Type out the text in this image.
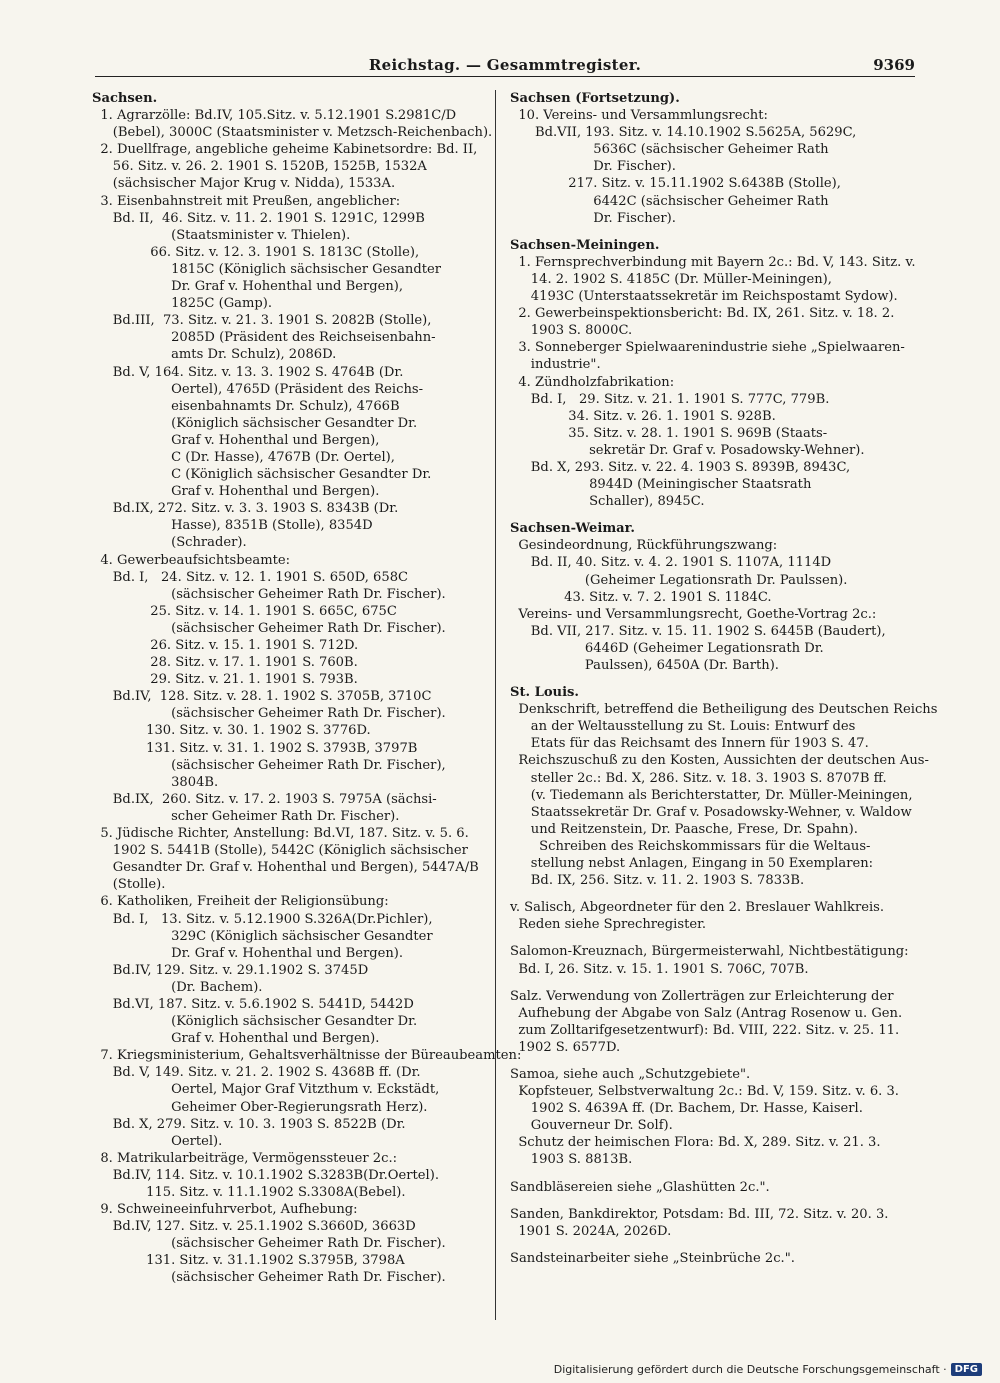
Reichstag. — Gesammtregister.	9369
Sachsen.
1. Agrarzölle: Bd.IV, 105.Sitz. v. 5.12.1901 S.2981C/D
(Bebel), 3000C (Staatsminister v. Metzsch-Reichenbach).
2. Duellfrage, angebliche geheime Kabinetsordre: Bd. II,
56. Sitz. v. 26. 2. 1901 S. 1520B, 1525B, 1532A
(sächsischer Major Krug v. Nidda), 1533A.
3. Eisenbahnstreit mit Preußen, angeblicher:
Bd. II,  46. Sitz. v. 11. 2. 1901 S. 1291C, 1299B
(Staatsminister v. Thielen).
66. Sitz. v. 12. 3. 1901 S. 1813C (Stolle),
1815C (Königlich sächsischer Gesandter
Dr. Graf v. Hohenthal und Bergen),
1825C (Gamp).
Bd.III,  73. Sitz. v. 21. 3. 1901 S. 2082B (Stolle),
2085D (Präsident des Reichseisenbahn-
amts Dr. Schulz), 2086D.
Bd. V, 164. Sitz. v. 13. 3. 1902 S. 4764B (Dr.
Oertel), 4765D (Präsident des Reichs-
eisenbahnamts Dr. Schulz), 4766B
(Königlich sächsischer Gesandter Dr.
Graf v. Hohenthal und Bergen),
C (Dr. Hasse), 4767B (Dr. Oertel),
C (Königlich sächsischer Gesandter Dr.
Graf v. Hohenthal und Bergen).
Bd.IX, 272. Sitz. v. 3. 3. 1903 S. 8343B (Dr.
Hasse), 8351B (Stolle), 8354D
(Schrader).
4. Gewerbeaufsichtsbeamte:
Bd. I,   24. Sitz. v. 12. 1. 1901 S. 650D, 658C
(sächsischer Geheimer Rath Dr. Fischer).
25. Sitz. v. 14. 1. 1901 S. 665C, 675C
(sächsischer Geheimer Rath Dr. Fischer).
26. Sitz. v. 15. 1. 1901 S. 712D.
28. Sitz. v. 17. 1. 1901 S. 760B.
29. Sitz. v. 21. 1. 1901 S. 793B.
Bd.IV,  128. Sitz. v. 28. 1. 1902 S. 3705B, 3710C
(sächsischer Geheimer Rath Dr. Fischer).
130. Sitz. v. 30. 1. 1902 S. 3776D.
131. Sitz. v. 31. 1. 1902 S. 3793B, 3797B
(sächsischer Geheimer Rath Dr. Fischer),
3804B.
Bd.IX,  260. Sitz. v. 17. 2. 1903 S. 7975A (sächsi-
scher Geheimer Rath Dr. Fischer).
5. Jüdische Richter, Anstellung: Bd.VI, 187. Sitz. v. 5. 6.
1902 S. 5441B (Stolle), 5442C (Königlich sächsischer
Gesandter Dr. Graf v. Hohenthal und Bergen), 5447A/B
(Stolle).
6. Katholiken, Freiheit der Religionsübung:
Bd. I,   13. Sitz. v. 5.12.1900 S.326A(Dr.Pichler),
329C (Königlich sächsischer Gesandter
Dr. Graf v. Hohenthal und Bergen).
Bd.IV, 129. Sitz. v. 29.1.1902 S. 3745D
(Dr. Bachem).
Bd.VI, 187. Sitz. v. 5.6.1902 S. 5441D, 5442D
(Königlich sächsischer Gesandter Dr.
Graf v. Hohenthal und Bergen).
7. Kriegsministerium, Gehaltsverhältnisse der Büreaubeamten:
Bd. V, 149. Sitz. v. 21. 2. 1902 S. 4368B ff. (Dr.
Oertel, Major Graf Vitzthum v. Eckstädt,
Geheimer Ober-Regierungsrath Herz).
Bd. X, 279. Sitz. v. 10. 3. 1903 S. 8522B (Dr.
Oertel).
8. Matrikularbeiträge, Vermögenssteuer 2c.:
Bd.IV, 114. Sitz. v. 10.1.1902 S.3283B(Dr.Oertel).
115. Sitz. v. 11.1.1902 S.3308A(Bebel).
9. Schweineeinfuhrverbot, Aufhebung:
Bd.IV, 127. Sitz. v. 25.1.1902 S.3660D, 3663D
(sächsischer Geheimer Rath Dr. Fischer).
131. Sitz. v. 31.1.1902 S.3795B, 3798A
(sächsischer Geheimer Rath Dr. Fischer).
Sachsen (Fortsetzung).
10. Vereins- und Versammlungsrecht:
Bd.VII, 193. Sitz. v. 14.10.1902 S.5625A, 5629C,
5636C (sächsischer Geheimer Rath
Dr. Fischer).
217. Sitz. v. 15.11.1902 S.6438B (Stolle),
6442C (sächsischer Geheimer Rath
Dr. Fischer).
Sachsen-Meiningen.
1. Fernsprechverbindung mit Bayern 2c.: Bd. V, 143. Sitz. v.
14. 2. 1902 S. 4185C (Dr. Müller-Meiningen),
4193C (Unterstaatssekretär im Reichspostamt Sydow).
2. Gewerbeinspektionsbericht: Bd. IX, 261. Sitz. v. 18. 2.
1903 S. 8000C.
3. Sonneberger Spielwaarenindustrie siehe „Spielwaaren-
industrie".
4. Zündholzfabrikation:
Bd. I,   29. Sitz. v. 21. 1. 1901 S. 777C, 779B.
34. Sitz. v. 26. 1. 1901 S. 928B.
35. Sitz. v. 28. 1. 1901 S. 969B (Staats-
sekretär Dr. Graf v. Posadowsky-Wehner).
Bd. X, 293. Sitz. v. 22. 4. 1903 S. 8939B, 8943C,
8944D (Meiningischer Staatsrath
Schaller), 8945C.
Sachsen-Weimar.
Gesindeordnung, Rückführungszwang:
Bd. II, 40. Sitz. v. 4. 2. 1901 S. 1107A, 1114D
(Geheimer Legationsrath Dr. Paulssen).
43. Sitz. v. 7. 2. 1901 S. 1184C.
Vereins- und Versammlungsrecht, Goethe-Vortrag 2c.:
Bd. VII, 217. Sitz. v. 15. 11. 1902 S. 6445B (Baudert),
6446D (Geheimer Legationsrath Dr.
Paulssen), 6450A (Dr. Barth).
St. Louis.
Denkschrift, betreffend die Betheiligung des Deutschen Reichs
an der Weltausstellung zu St. Louis: Entwurf des
Etats für das Reichsamt des Innern für 1903 S. 47.
Reichszuschuß zu den Kosten, Aussichten der deutschen Aus-
steller 2c.: Bd. X, 286. Sitz. v. 18. 3. 1903 S. 8707B ff.
(v. Tiedemann als Berichterstatter, Dr. Müller-Meiningen,
Staatssekretär Dr. Graf v. Posadowsky-Wehner, v. Waldow
und Reitzenstein, Dr. Paasche, Frese, Dr. Spahn).
Schreiben des Reichskommissars für die Weltaus-
stellung nebst Anlagen, Eingang in 50 Exemplaren:
Bd. IX, 256. Sitz. v. 11. 2. 1903 S. 7833B.
v. Salisch, Abgeordneter für den 2. Breslauer Wahlkreis.
Reden siehe Sprechregister.
Salomon-Kreuznach, Bürgermeisterwahl, Nichtbestätigung:
Bd. I, 26. Sitz. v. 15. 1. 1901 S. 706C, 707B.
Salz. Verwendung von Zollerträgen zur Erleichterung der
Aufhebung der Abgabe von Salz (Antrag Rosenow u. Gen.
zum Zolltarifgesetzentwurf): Bd. VIII, 222. Sitz. v. 25. 11.
1902 S. 6577D.
Samoa, siehe auch „Schutzgebiete".
Kopfsteuer, Selbstverwaltung 2c.: Bd. V, 159. Sitz. v. 6. 3.
1902 S. 4639A ff. (Dr. Bachem, Dr. Hasse, Kaiserl.
Gouverneur Dr. Solf).
Schutz der heimischen Flora: Bd. X, 289. Sitz. v. 21. 3.
1903 S. 8813B.
Sandbläsereien siehe „Glashütten 2c.".
Sanden, Bankdirektor, Potsdam: Bd. III, 72. Sitz. v. 20. 3.
1901 S. 2024A, 2026D.
Sandsteinarbeiter siehe „Steinbrüche 2c.".
Digitalisierung gefördert durch die Deutsche Forschungsgemeinschaft · DFG
